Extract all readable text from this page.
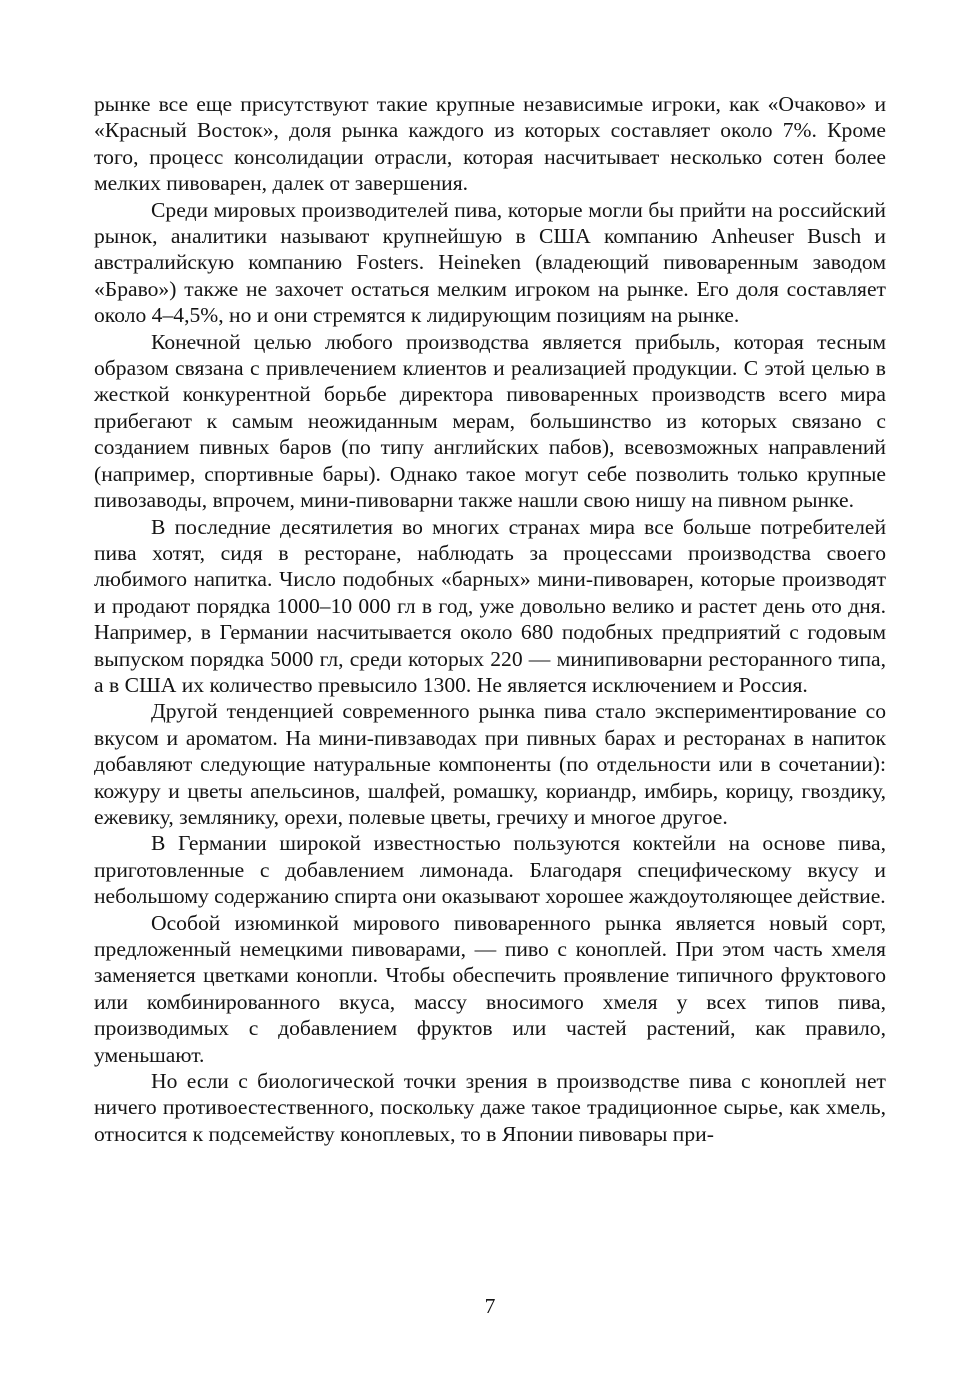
рынке все еще присутствуют такие крупные независимые игроки, как «Очаково» и «Красный Восток», доля рынка каждого из которых составляет около 7%. Кроме того, процесс консолидации отрасли, которая насчитывает несколько сотен более мелких пивоварен, далек от завершения.

Среди мировых производителей пива, которые могли бы прийти на российский рынок, аналитики называют крупнейшую в США компанию Anheuser Busch и австралийскую компанию Fosters. Heineken (владеющий пивоваренным заводом «Браво») также не захочет остаться мелким игроком на рынке. Его доля составляет около 4–4,5%, но и они стремятся к лидирующим позициям на рынке.

Конечной целью любого производства является прибыль, которая тесным образом связана с привлечением клиентов и реализацией продукции. С этой целью в жесткой конкурентной борьбе директора пивоваренных производств всего мира прибегают к самым неожиданным мерам, большинство из которых связано с созданием пивных баров (по типу английских пабов), всевозможных направлений (например, спортивные бары). Однако такое могут себе позволить только крупные пивозаводы, впрочем, мини-пивоварни также нашли свою нишу на пивном рынке.

В последние десятилетия во многих странах мира все больше потребителей пива хотят, сидя в ресторане, наблюдать за процессами производства своего любимого напитка. Число подобных «барных» мини-пивоварен, которые производят и продают порядка 1000–10 000 гл в год, уже довольно велико и растет день ото дня. Например, в Германии насчитывается около 680 подобных предприятий с годовым выпуском порядка 5000 гл, среди которых 220 — минипивоварни ресторанного типа, а в США их количество превысило 1300. Не является исключением и Россия.

Другой тенденцией современного рынка пива стало экспериментирование со вкусом и ароматом. На мини-пивзаводах при пивных барах и ресторанах в напиток добавляют следующие натуральные компоненты (по отдельности или в сочетании): кожуру и цветы апельсинов, шалфей, ромашку, кориандр, имбирь, корицу, гвоздику, ежевику, землянику, орехи, полевые цветы, гречиху и многое другое.

В Германии широкой известностью пользуются коктейли на основе пива, приготовленные с добавлением лимонада. Благодаря специфическому вкусу и небольшому содержанию спирта они оказывают хорошее жаждоутоляющее действие.

Особой изюминкой мирового пивоваренного рынка является новый сорт, предложенный немецкими пивоварами, — пиво с коноплей. При этом часть хмеля заменяется цветками конопли. Чтобы обеспечить проявление типичного фруктового или комбинированного вкуса, массу вносимого хмеля у всех типов пива, производимых с добавлением фруктов или частей растений, как правило, уменьшают.

Но если с биологической точки зрения в производстве пива с коноплей нет ничего противоестественного, поскольку даже такое традиционное сырье, как хмель, относится к подсемейству коноплевых, то в Японии пивовары при-

7
